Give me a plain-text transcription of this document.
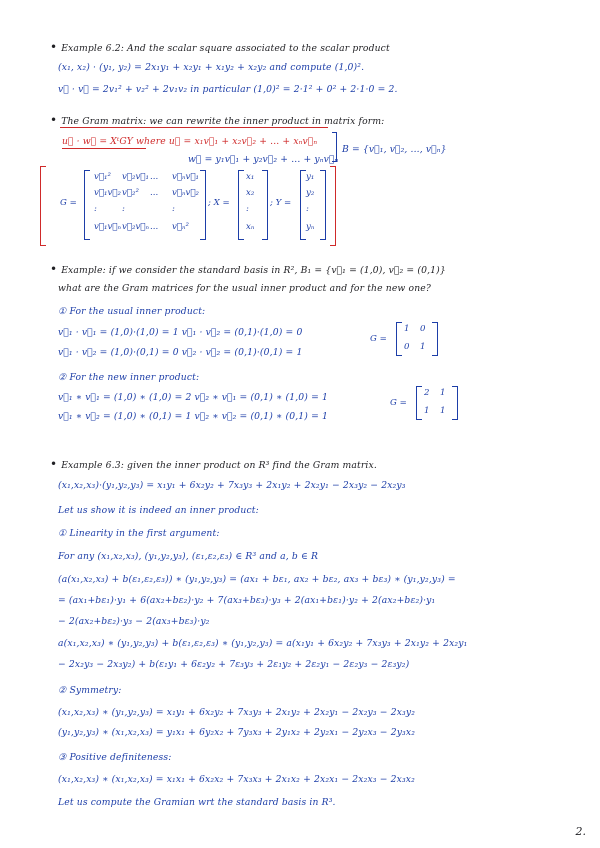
• Example 6.2: And the scalar square associated to the scalar product
(x₁, x₂) · (y₁, y₂) = 2x₁y₁ + x₂y₁ + x₁y₂ + x₂y₂ and compute (1,0)².
v⃗ · v⃗ = 2v₁² + v₂² + 2v₁v₂ in particular (1,0)² = 2·1² + 0² + 2·1·0 = 2.
• The Gram matrix: we can rewrite the inner product in matrix form:
u⃗ · w⃗ = XᵗGY where u⃗ = x₁v⃗₁ + x₂v⃗₂ + ... + xₙv⃗ₙ
w⃗ = y₁v⃗₁ + y₂v⃗₂ + ... + yₙv⃗ₙ
B = {v⃗₁, v⃗₂, ..., v⃗ₙ}
G =
v⃗₁² v⃗₂v⃗₁ ... v⃗ₙv⃗₁
v⃗₁v⃗₂ v⃗₂² ... v⃗ₙv⃗₂
:	:	:
v⃗₁v⃗ₙ v⃗₂v⃗ₙ ... v⃗ₙ²
; X =
x₁
x₂
:
xₙ
; Y =
y₁
y₂
:
yₙ
• Example: if we consider the standard basis in R², B₁ = {v⃗₁ = (1,0), v⃗₂ = (0,1)}
what are the Gram matrices for the usual inner product and for the new one?
① For the usual inner product:
v⃗₁ · v⃗₁ = (1,0)·(1,0) = 1 v⃗₁ · v⃗₂ = (0,1)·(1,0) = 0
v⃗₁ · v⃗₂ = (1,0)·(0,1) = 0 v⃗₂ · v⃗₂ = (0,1)·(0,1) = 1
② For the new inner product:
v⃗₁ ∗ v⃗₁ = (1,0) ∗ (1,0) = 2 v⃗₂ ∗ v⃗₁ = (0,1) ∗ (1,0) = 1
v⃗₁ ∗ v⃗₂ = (1,0) ∗ (0,1) = 1 v⃗₂ ∗ v⃗₂ = (0,1) ∗ (0,1) = 1
• Example 6.3: given the inner product on R³ find the Gram matrix.
(x₁,x₂,x₃)·(y₁,y₂,y₃) = x₁y₁ + 6x₂y₂ + 7x₃y₃ + 2x₁y₂ + 2x₂y₁ − 2x₃y₂ − 2x₂y₃
Let us show it is indeed an inner product:
① Linearity in the first argument:
For any (x₁,x₂,x₃), (y₁,y₂,y₃), (ε₁,ε₂,ε₃) ∈ R³ and a, b ∈ R
(a(x₁,x₂,x₃) + b(ε₁,ε₂,ε₃)) ∗ (y₁,y₂,y₃) = (ax₁ + bε₁, ax₂ + bε₂, ax₃ + bε₃) ∗ (y₁,y₂,y₃) =
= (ax₁+bε₁)·y₁ + 6(ax₂+bε₂)·y₂ + 7(ax₃+bε₃)·y₃ + 2(ax₁+bε₁)·y₂ + 2(ax₂+bε₂)·y₁
− 2(ax₂+bε₂)·y₃ − 2(ax₃+bε₃)·y₂
a(x₁,x₂,x₃) ∗ (y₁,y₂,y₃) + b(ε₁,ε₂,ε₃) ∗ (y₁,y₂,y₃) = a(x₁y₁ + 6x₂y₂ + 7x₃y₃ + 2x₁y₂ + 2x₂y₁
− 2x₂y₃ − 2x₃y₂) + b(ε₁y₁ + 6ε₂y₂ + 7ε₃y₃ + 2ε₁y₂ + 2ε₂y₁ − 2ε₂y₃ − 2ε₃y₂)
② Symmetry:
(x₁,x₂,x₃) ∗ (y₁,y₂,y₃) = x₁y₁ + 6x₂y₂ + 7x₃y₃ + 2x₁y₂ + 2x₂y₁ − 2x₂y₃ − 2x₃y₂
(y₁,y₂,y₃) ∗ (x₁,x₂,x₃) = y₁x₁ + 6y₂x₂ + 7y₃x₃ + 2y₁x₂ + 2y₂x₁ − 2y₂x₃ − 2y₃x₂
③ Positive definiteness:
(x₁,x₂,x₃) ∗ (x₁,x₂,x₃) = x₁x₁ + 6x₂x₂ + 7x₃x₃ + 2x₁x₂ + 2x₂x₁ − 2x₂x₃ − 2x₃x₂
Let us compute the Gramian wrt the standard basis in R³.
G =
1 0
0 1
G =
2 1
1 1
2.
